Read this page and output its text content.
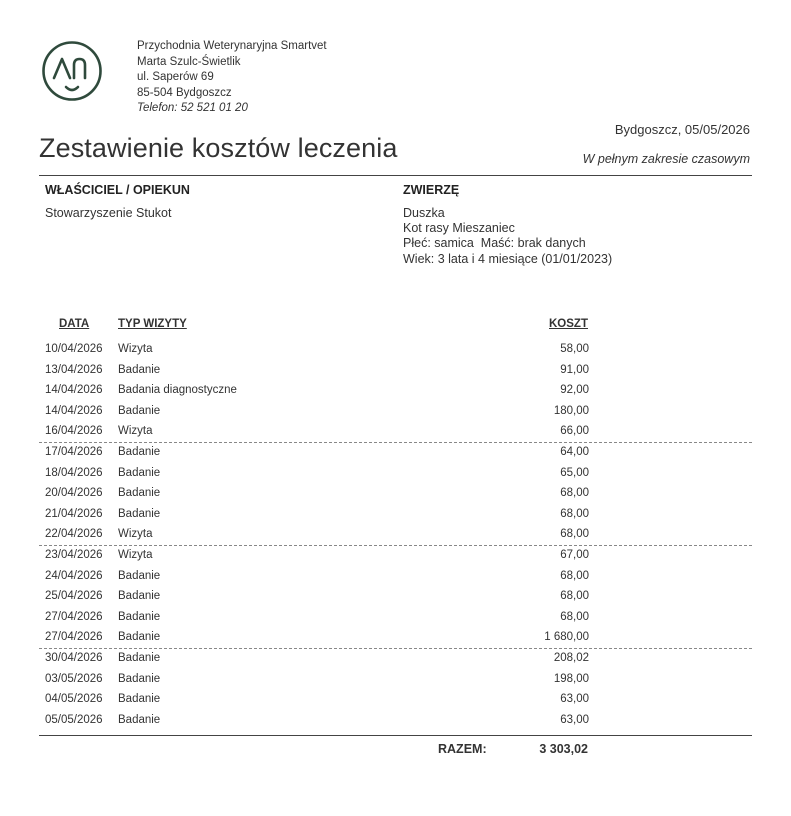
Przychodnia Weterynaryjna Smartvet
Marta Szulc-Świetlik
ul. Saperów 69
85-504 Bydgoszcz
Telefon: 52 521 01 20
Bydgoszcz, 05/05/2026
Zestawienie kosztów leczenia	W pełnym zakresie czasowym
WŁAŚCICIEL / OPIEKUN
Stowarzyszenie Stukot
ZWIERZĘ
Duszka
Kot rasy Mieszaniec
Płeć: samica  Maść: brak danych
Wiek: 3 lata i 4 miesiące (01/01/2023)
DATA	TYP WIZYTY	KOSZT
10/04/2026 Wizyta	58,00
13/04/2026 Badanie	91,00
14/04/2026 Badania diagnostyczne	92,00
14/04/2026 Badanie	180,00
16/04/2026 Wizyta	66,00
17/04/2026 Badanie	64,00
18/04/2026 Badanie	65,00
20/04/2026 Badanie	68,00
21/04/2026 Badanie	68,00
22/04/2026 Wizyta	68,00
23/04/2026 Wizyta	67,00
24/04/2026 Badanie	68,00
25/04/2026 Badanie	68,00
27/04/2026 Badanie	68,00
27/04/2026 Badanie	1 680,00
30/04/2026 Badanie	208,02
03/05/2026 Badanie	198,00
04/05/2026 Badanie	63,00
05/05/2026 Badanie	63,00
RAZEM:	3 303,02
